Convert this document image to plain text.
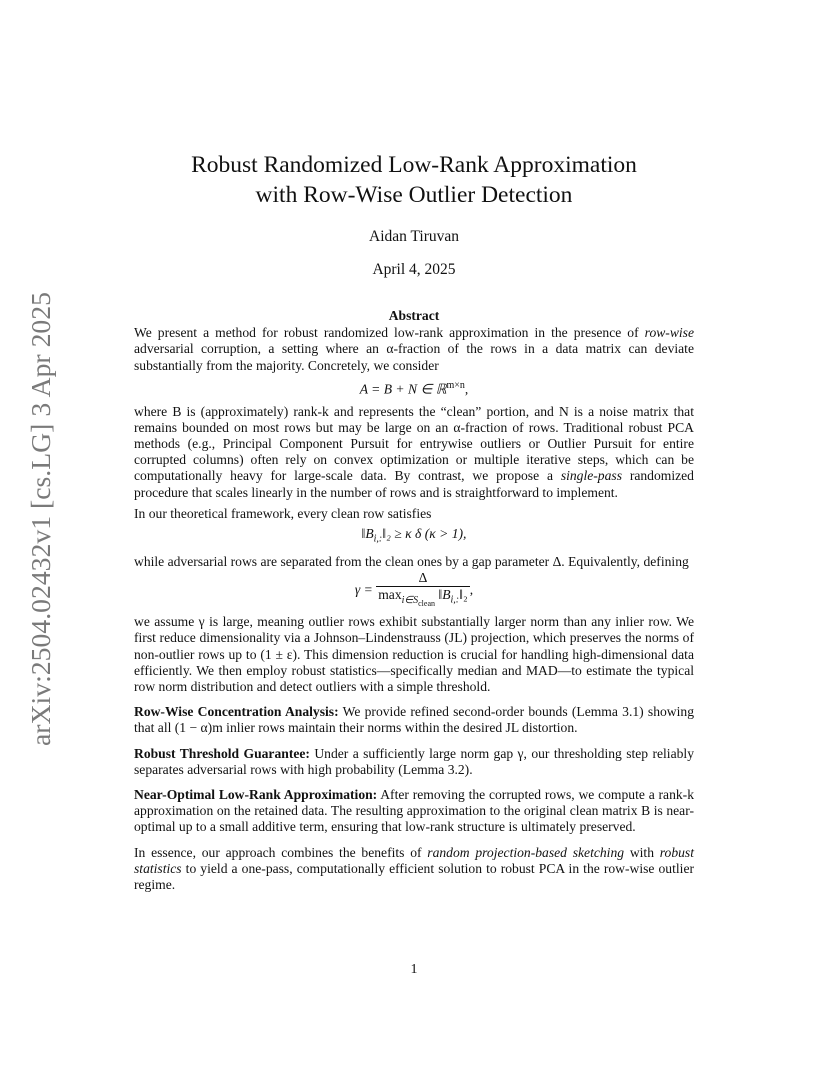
arXiv:2504.02432v1 [cs.LG] 3 Apr 2025
Robust Randomized Low-Rank Approximation
with Row-Wise Outlier Detection
Aidan Tiruvan
April 4, 2025
Abstract

We present a method for robust randomized low-rank approximation in the presence of row-wise adversarial corruption, a setting where an α-fraction of the rows in a data matrix can deviate substantially from the majority. Concretely, we consider

A = B + N ∈ ℝ$^{m\times n}$,

where B is (approximately) rank-k and represents the “clean” portion, and N is a noise matrix that remains bounded on most rows but may be large on an α-fraction of rows. Traditional robust PCA methods (e.g., Principal Component Pursuit for entrywise outliers or Outlier Pursuit for entire corrupted columns) often rely on convex optimization or multiple iterative steps, which can be computationally heavy for large-scale data. By contrast, we propose a single-pass randomized procedure that scales linearly in the number of rows and is straightforward to implement.

In our theoretical framework, every clean row satisfies

$‖B_{i,:}‖_2 \ge \kappa$ δ (κ > 1),

while adversarial rows are separated from the clean ones by a gap parameter Δ. Equivalently, defining

$\gamma = \frac{\Delta}{\max_{i\in S_{clean}} ‖B_{i,:}‖_2}$ ,

we assume γ is large, meaning outlier rows exhibit substantially larger norm than any inlier row. We first reduce dimensionality via a Johnson–Lindenstrauss (JL) projection, which preserves the norms of non-outlier rows up to (1 ± ε). This dimension reduction is crucial for handling high-dimensional data efficiently. We then employ robust statistics—specifically median and MAD—to estimate the typical row norm distribution and detect outliers with a simple threshold.

Row-Wise Concentration Analysis: We provide refined second-order bounds (Lemma 3.1) showing that all (1 − α)m inlier rows maintain their norms within the desired JL distortion.

Robust Threshold Guarantee: Under a sufficiently large norm gap γ, our thresholding step reliably separates adversarial rows with high probability (Lemma 3.2).

Near-Optimal Low-Rank Approximation: After removing the corrupted rows, we compute a rank-k approximation on the retained data. The resulting approximation to the original clean matrix B is near-optimal up to a small additive term, ensuring that low-rank structure is ultimately preserved.

In essence, our approach combines the benefits of random projection-based sketching with robust statistics to yield a one-pass, computationally efficient solution to robust PCA in the row-wise outlier regime.

1
